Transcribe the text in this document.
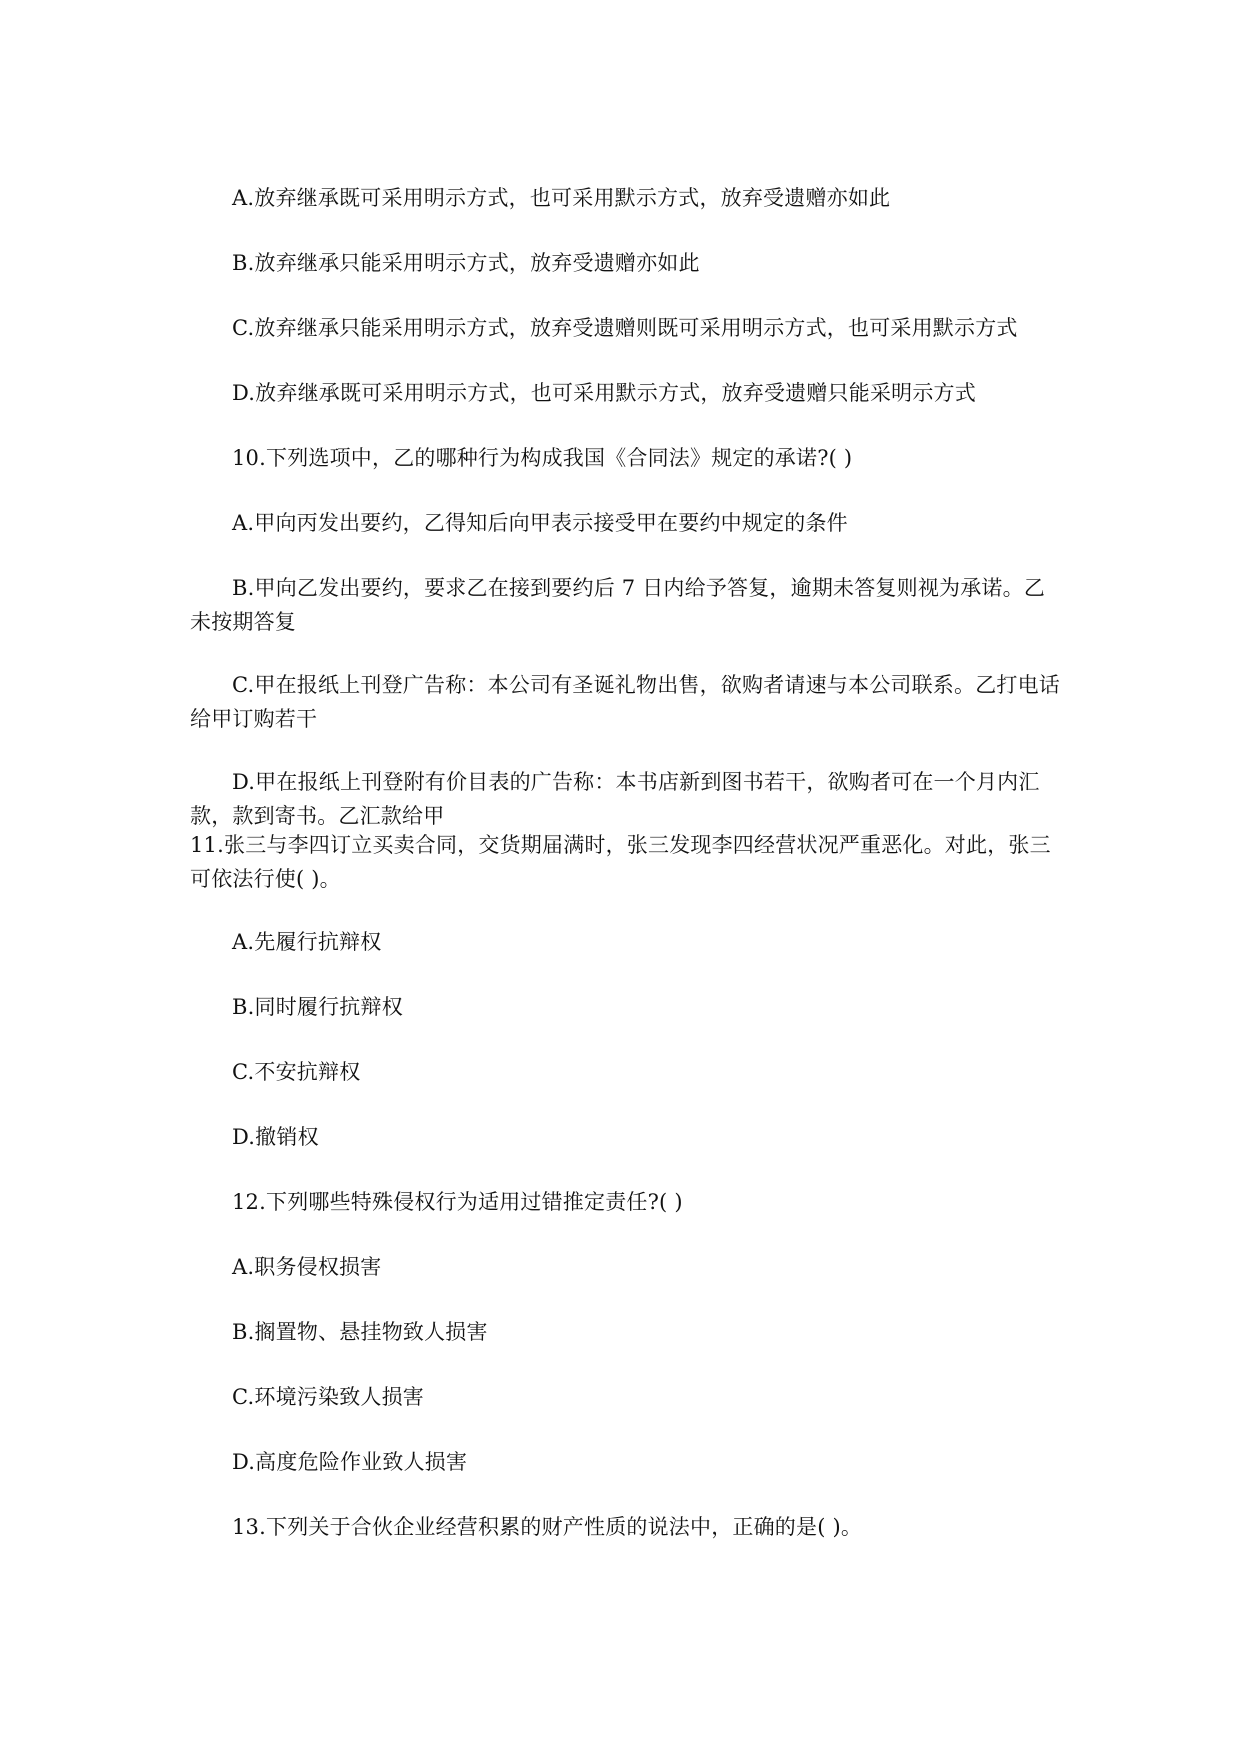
A.放弃继承既可采用明示方式，也可采用默示方式，放弃受遗赠亦如此
B.放弃继承只能采用明示方式，放弃受遗赠亦如此
C.放弃继承只能采用明示方式，放弃受遗赠则既可采用明示方式，也可采用默示方式
D.放弃继承既可采用明示方式，也可采用默示方式，放弃受遗赠只能采明示方式
10.下列选项中，乙的哪种行为构成我国《合同法》规定的承诺?( )
A.甲向丙发出要约，乙得知后向甲表示接受甲在要约中规定的条件
B.甲向乙发出要约，要求乙在接到要约后 7 日内给予答复，逾期未答复则视为承诺。乙未按期答复
C.甲在报纸上刊登广告称：本公司有圣诞礼物出售，欲购者请速与本公司联系。乙打电话给甲订购若干
D.甲在报纸上刊登附有价目表的广告称：本书店新到图书若干，欲购者可在一个月内汇款，款到寄书。乙汇款给甲
11.张三与李四订立买卖合同，交货期届满时，张三发现李四经营状况严重恶化。对此，张三可依法行使( )。
A.先履行抗辩权
B.同时履行抗辩权
C.不安抗辩权
D.撤销权
12.下列哪些特殊侵权行为适用过错推定责任?( )
A.职务侵权损害
B.搁置物、悬挂物致人损害
C.环境污染致人损害
D.高度危险作业致人损害
13.下列关于合伙企业经营积累的财产性质的说法中，正确的是( )。
